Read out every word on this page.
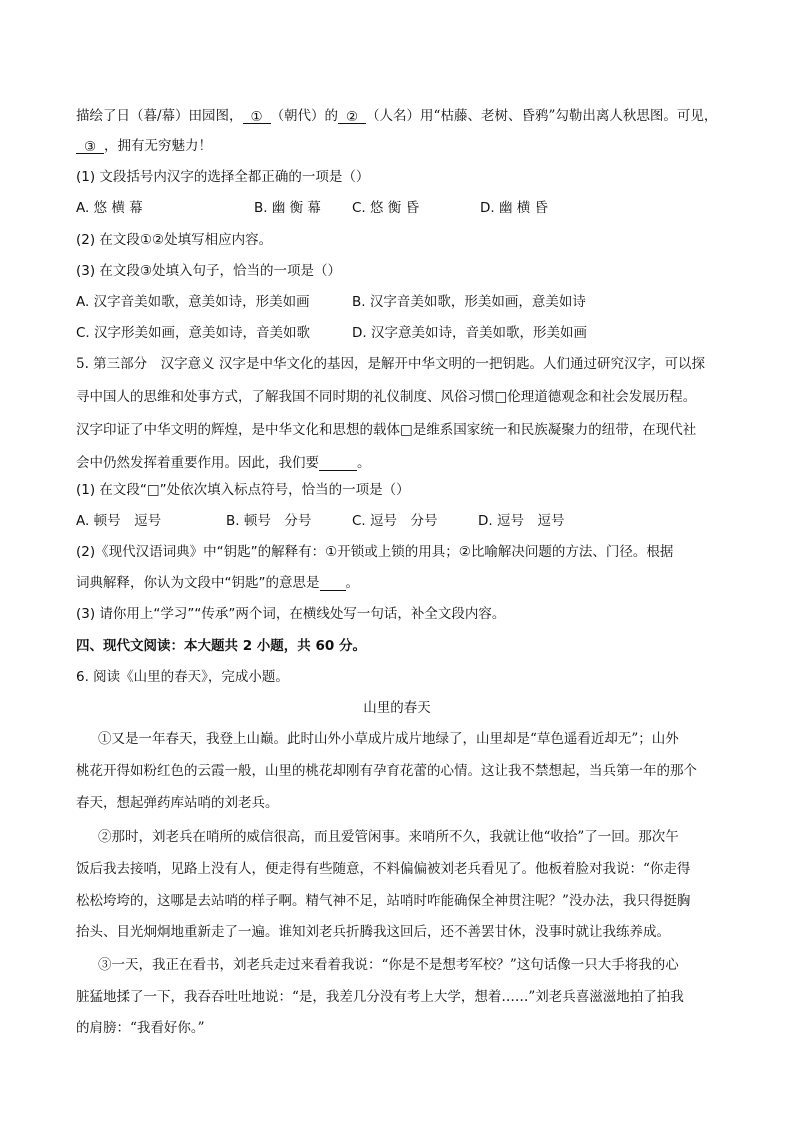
描绘了日（暮/幕）田园图， ① （朝代）的 ② （人名）用“枯藤、老树、昏鸦”勾勒出离人秋思图。可见，
③ ，拥有无穷魅力！
(1) 文段括号内汉字的选择全都正确的一项是（）
A. 悠 横 幕	B. 幽 衡 幕 C. 悠 衡 昏	D. 幽 横 昏
(2) 在文段①②处填写相应内容。
(3) 在文段③处填入句子，恰当的一项是（）
A. 汉字音美如歌，意美如诗，形美如画	B. 汉字音美如歌，形美如画，意美如诗
C. 汉字形美如画，意美如诗，音美如歌	D. 汉字意美如诗，音美如歌，形美如画
5. 第三部分　汉字意义 汉字是中华文化的基因，是解开中华文明的一把钥匙。人们通过研究汉字，可以探
寻中国人的思维和处事方式，了解我国不同时期的礼仪制度、风俗习惯□伦理道德观念和社会发展历程。
汉字印证了中华文明的辉煌，是中华文化和思想的载体□是维系国家统一和民族凝聚力的纽带，在现代社
会中仍然发挥着重要作用。因此，我们要	。
(1) 在文段“□”处依次填入标点符号，恰当的一项是（）
A. 顿号　逗号	B. 顿号　分号	C. 逗号　分号	D. 逗号　逗号
(2)《现代汉语词典》中“钥匙”的解释有：①开锁或上锁的用具；②比喻解决问题的方法、门径。根据
词典解释，你认为文段中“钥匙”的意思是 。
(3) 请你用上“学习”“传承”两个词，在横线处写一句话，补全文段内容。
四、现代文阅读：本大题共 2 小题，共 60 分。
6. 阅读《山里的春天》，完成小题。
山里的春天
①又是一年春天，我登上山巅。此时山外小草成片成片地绿了，山里却是“草色遥看近却无”；山外
桃花开得如粉红色的云霞一般，山里的桃花却刚有孕育花蕾的心情。这让我不禁想起，当兵第一年的那个
春天，想起弹药库站哨的刘老兵。
②那时，刘老兵在哨所的威信很高，而且爱管闲事。来哨所不久，我就让他“收拾”了一回。那次午
饭后我去接哨，见路上没有人，便走得有些随意，不料偏偏被刘老兵看见了。他板着脸对我说：“你走得
松松垮垮的，这哪是去站哨的样子啊。精气神不足，站哨时咋能确保全神贯注呢？”没办法，我只得挺胸
抬头、目光炯炯地重新走了一遍。谁知刘老兵折腾我这回后，还不善罢甘休，没事时就让我练养成。
③一天，我正在看书，刘老兵走过来看着我说：“你是不是想考军校？”这句话像一只大手将我的心
脏猛地揉了一下，我吞吞吐吐地说：“是，我差几分没有考上大学，想着……”刘老兵喜滋滋地拍了拍我
的肩膀：“我看好你。”
